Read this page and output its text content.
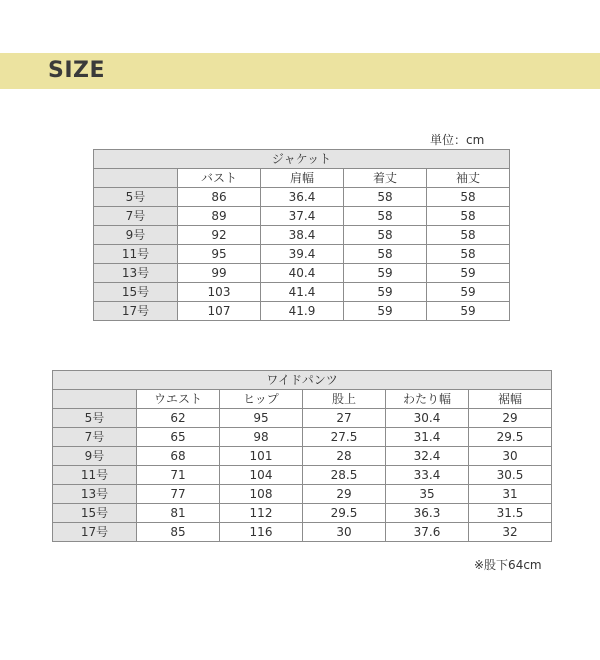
SIZE
単位：cm
ジャケット				
	バスト	肩幅	着丈	袖丈
5号	86	36.4	58	58
7号	89	37.4	58	58
9号	92	38.4	58	58
11号	95	39.4	58	58
13号	99	40.4	59	59
15号	103	41.4	59	59
17号	107	41.9	59	59
ワイドパンツ					
	ウエスト	ヒップ	股上	わたり幅	裾幅
5号	62	95	27	30.4	29
7号	65	98	27.5	31.4	29.5
9号	68	101	28	32.4	30
11号	71	104	28.5	33.4	30.5
13号	77	108	29	35	31
15号	81	112	29.5	36.3	31.5
17号	85	116	30	37.6	32
※股下64cm
